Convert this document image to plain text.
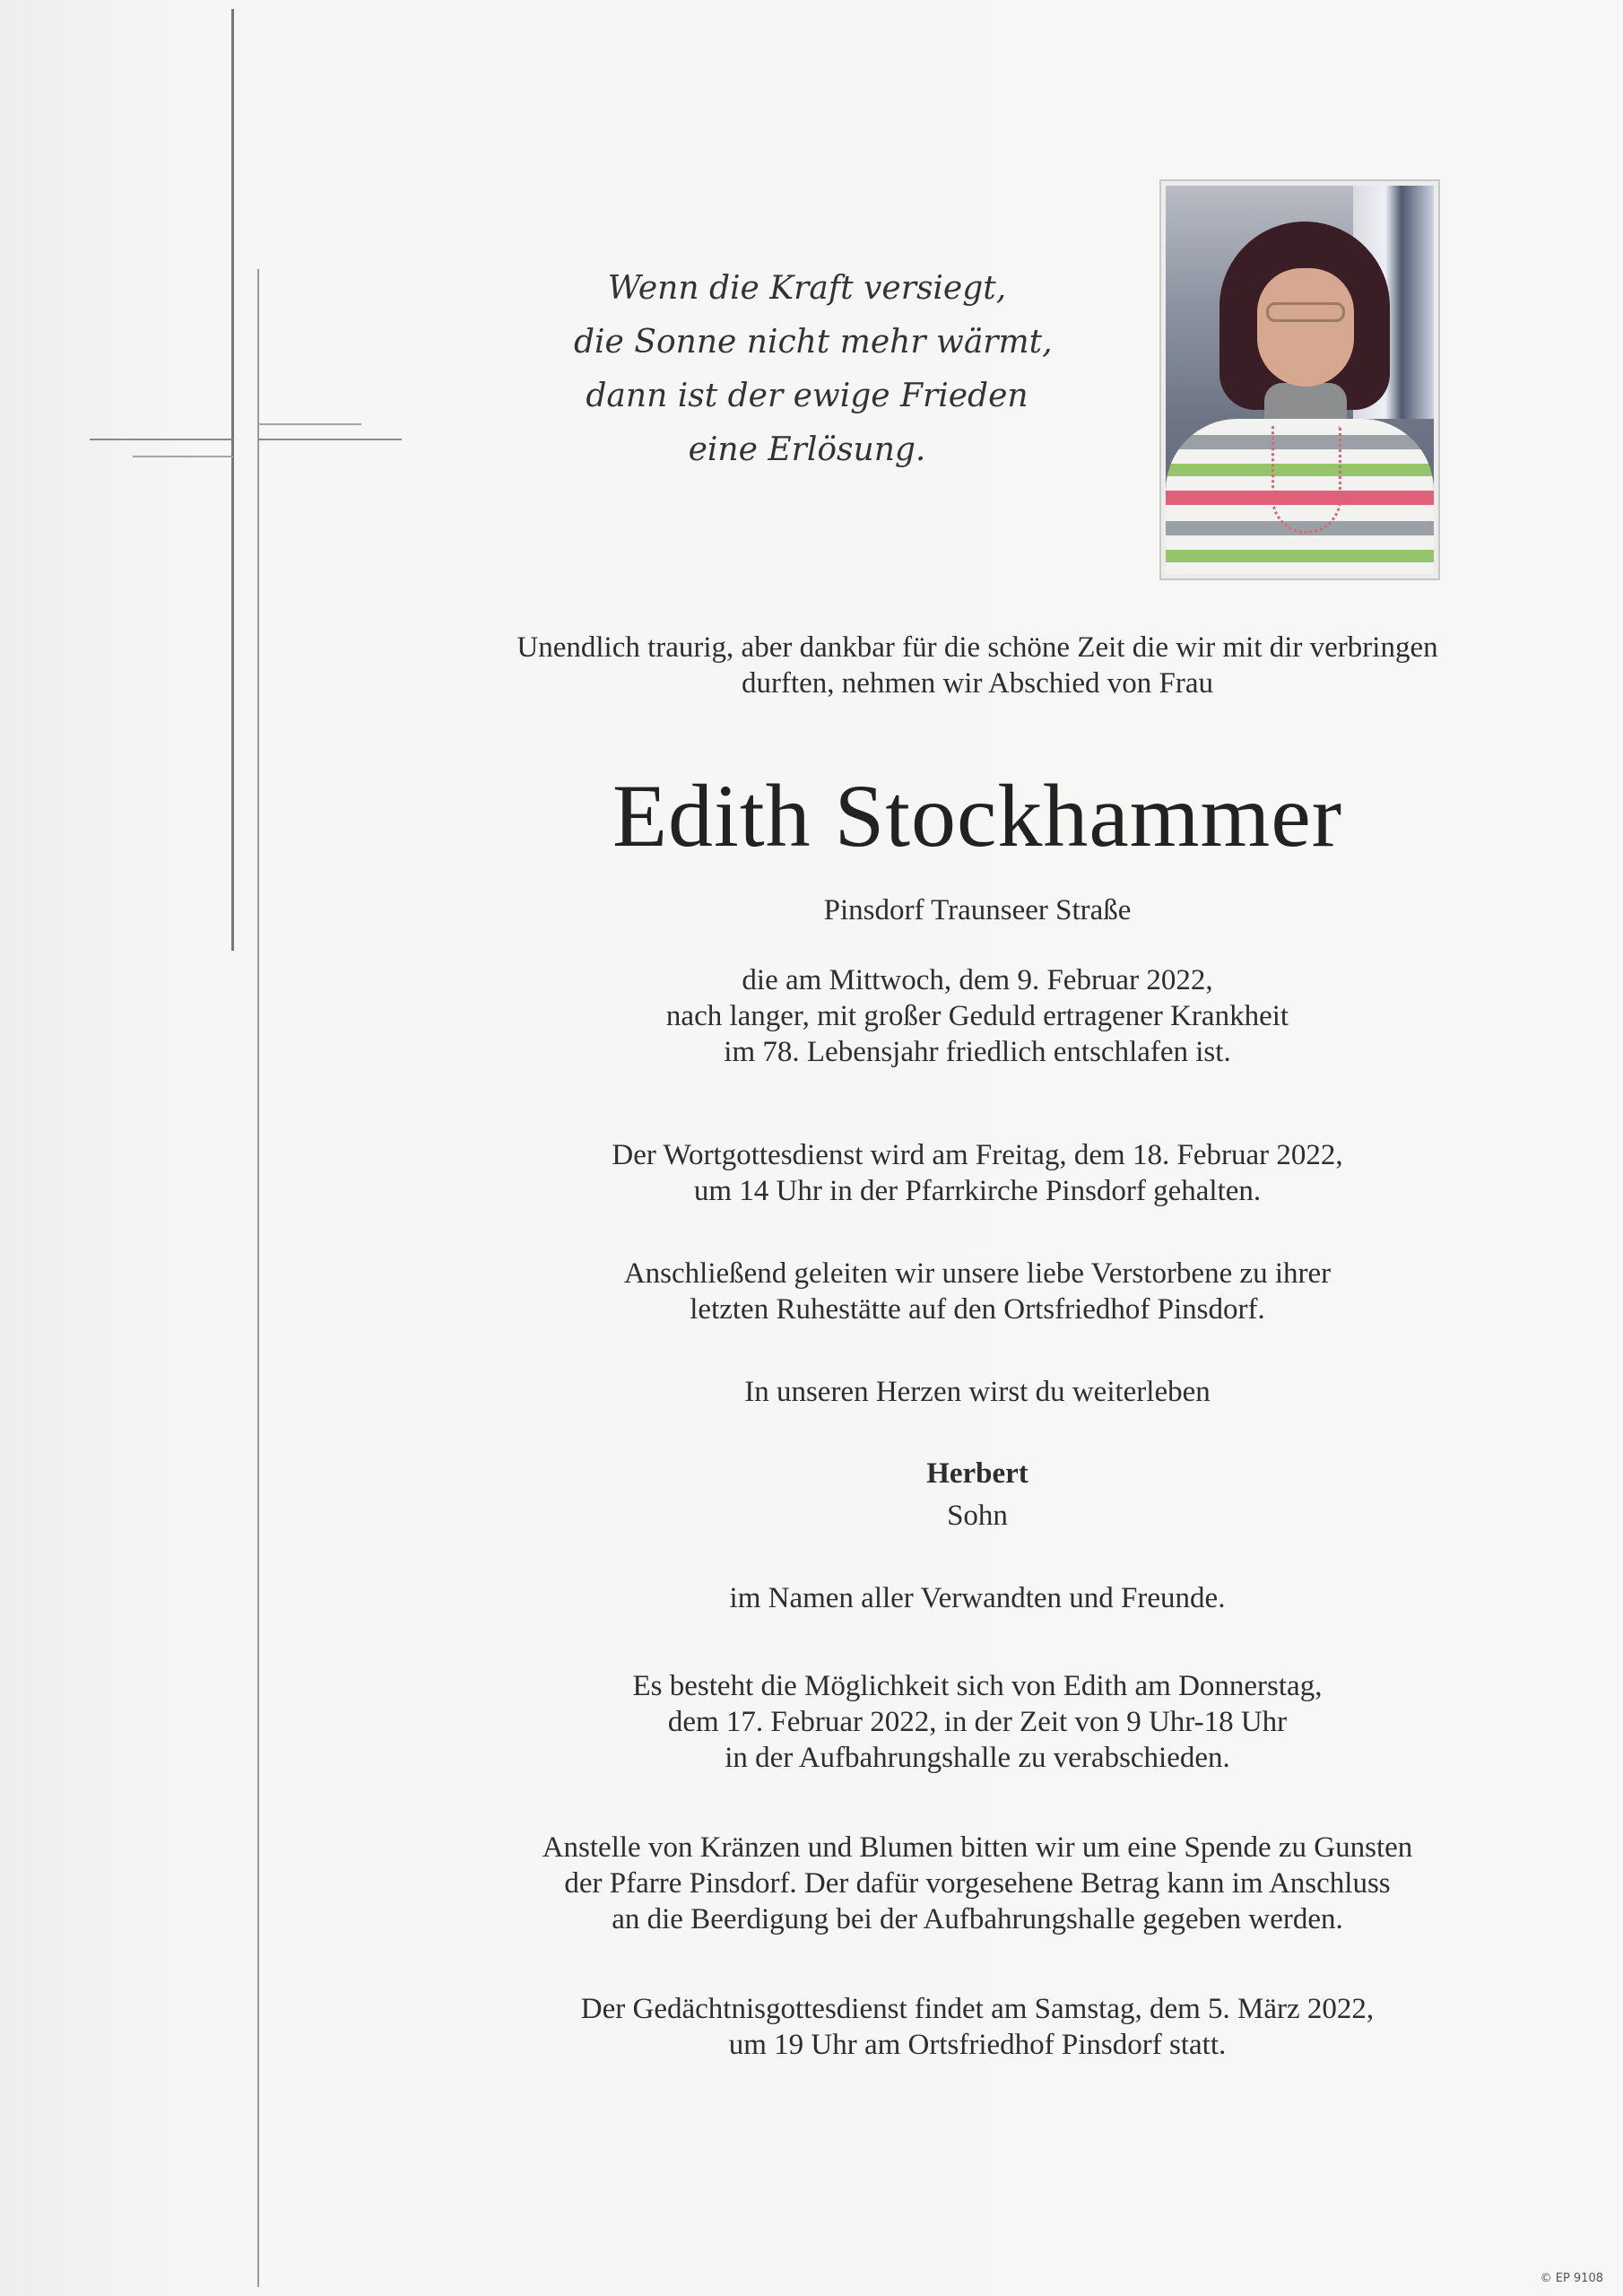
Wenn die Kraft versiegt,
die Sonne nicht mehr wärmt,
dann ist der ewige Frieden
eine Erlösung.
Unendlich traurig, aber dankbar für die schöne Zeit die wir mit dir verbringen
durften, nehmen wir Abschied von Frau
Edith Stockhammer
Pinsdorf Traunseer Straße
die am Mittwoch, dem 9. Februar 2022,
nach langer, mit großer Geduld ertragener Krankheit
im 78. Lebensjahr friedlich entschlafen ist.
Der Wortgottesdienst wird am Freitag, dem 18. Februar 2022,
um 14 Uhr in der Pfarrkirche Pinsdorf gehalten.
Anschließend geleiten wir unsere liebe Verstorbene zu ihrer
letzten Ruhestätte auf den Ortsfriedhof Pinsdorf.
In unseren Herzen wirst du weiterleben
Herbert
Sohn
im Namen aller Verwandten und Freunde.
Es besteht die Möglichkeit sich von Edith am Donnerstag,
dem 17. Februar 2022, in der Zeit von 9 Uhr-18 Uhr
in der Aufbahrungshalle zu verabschieden.
Anstelle von Kränzen und Blumen bitten wir um eine Spende zu Gunsten
der Pfarre Pinsdorf. Der dafür vorgesehene Betrag kann im Anschluss
an die Beerdigung bei der Aufbahrungshalle gegeben werden.
Der Gedächtnisgottesdienst findet am Samstag, dem 5. März 2022,
um 19 Uhr am Ortsfriedhof Pinsdorf statt.
© EP 9108
